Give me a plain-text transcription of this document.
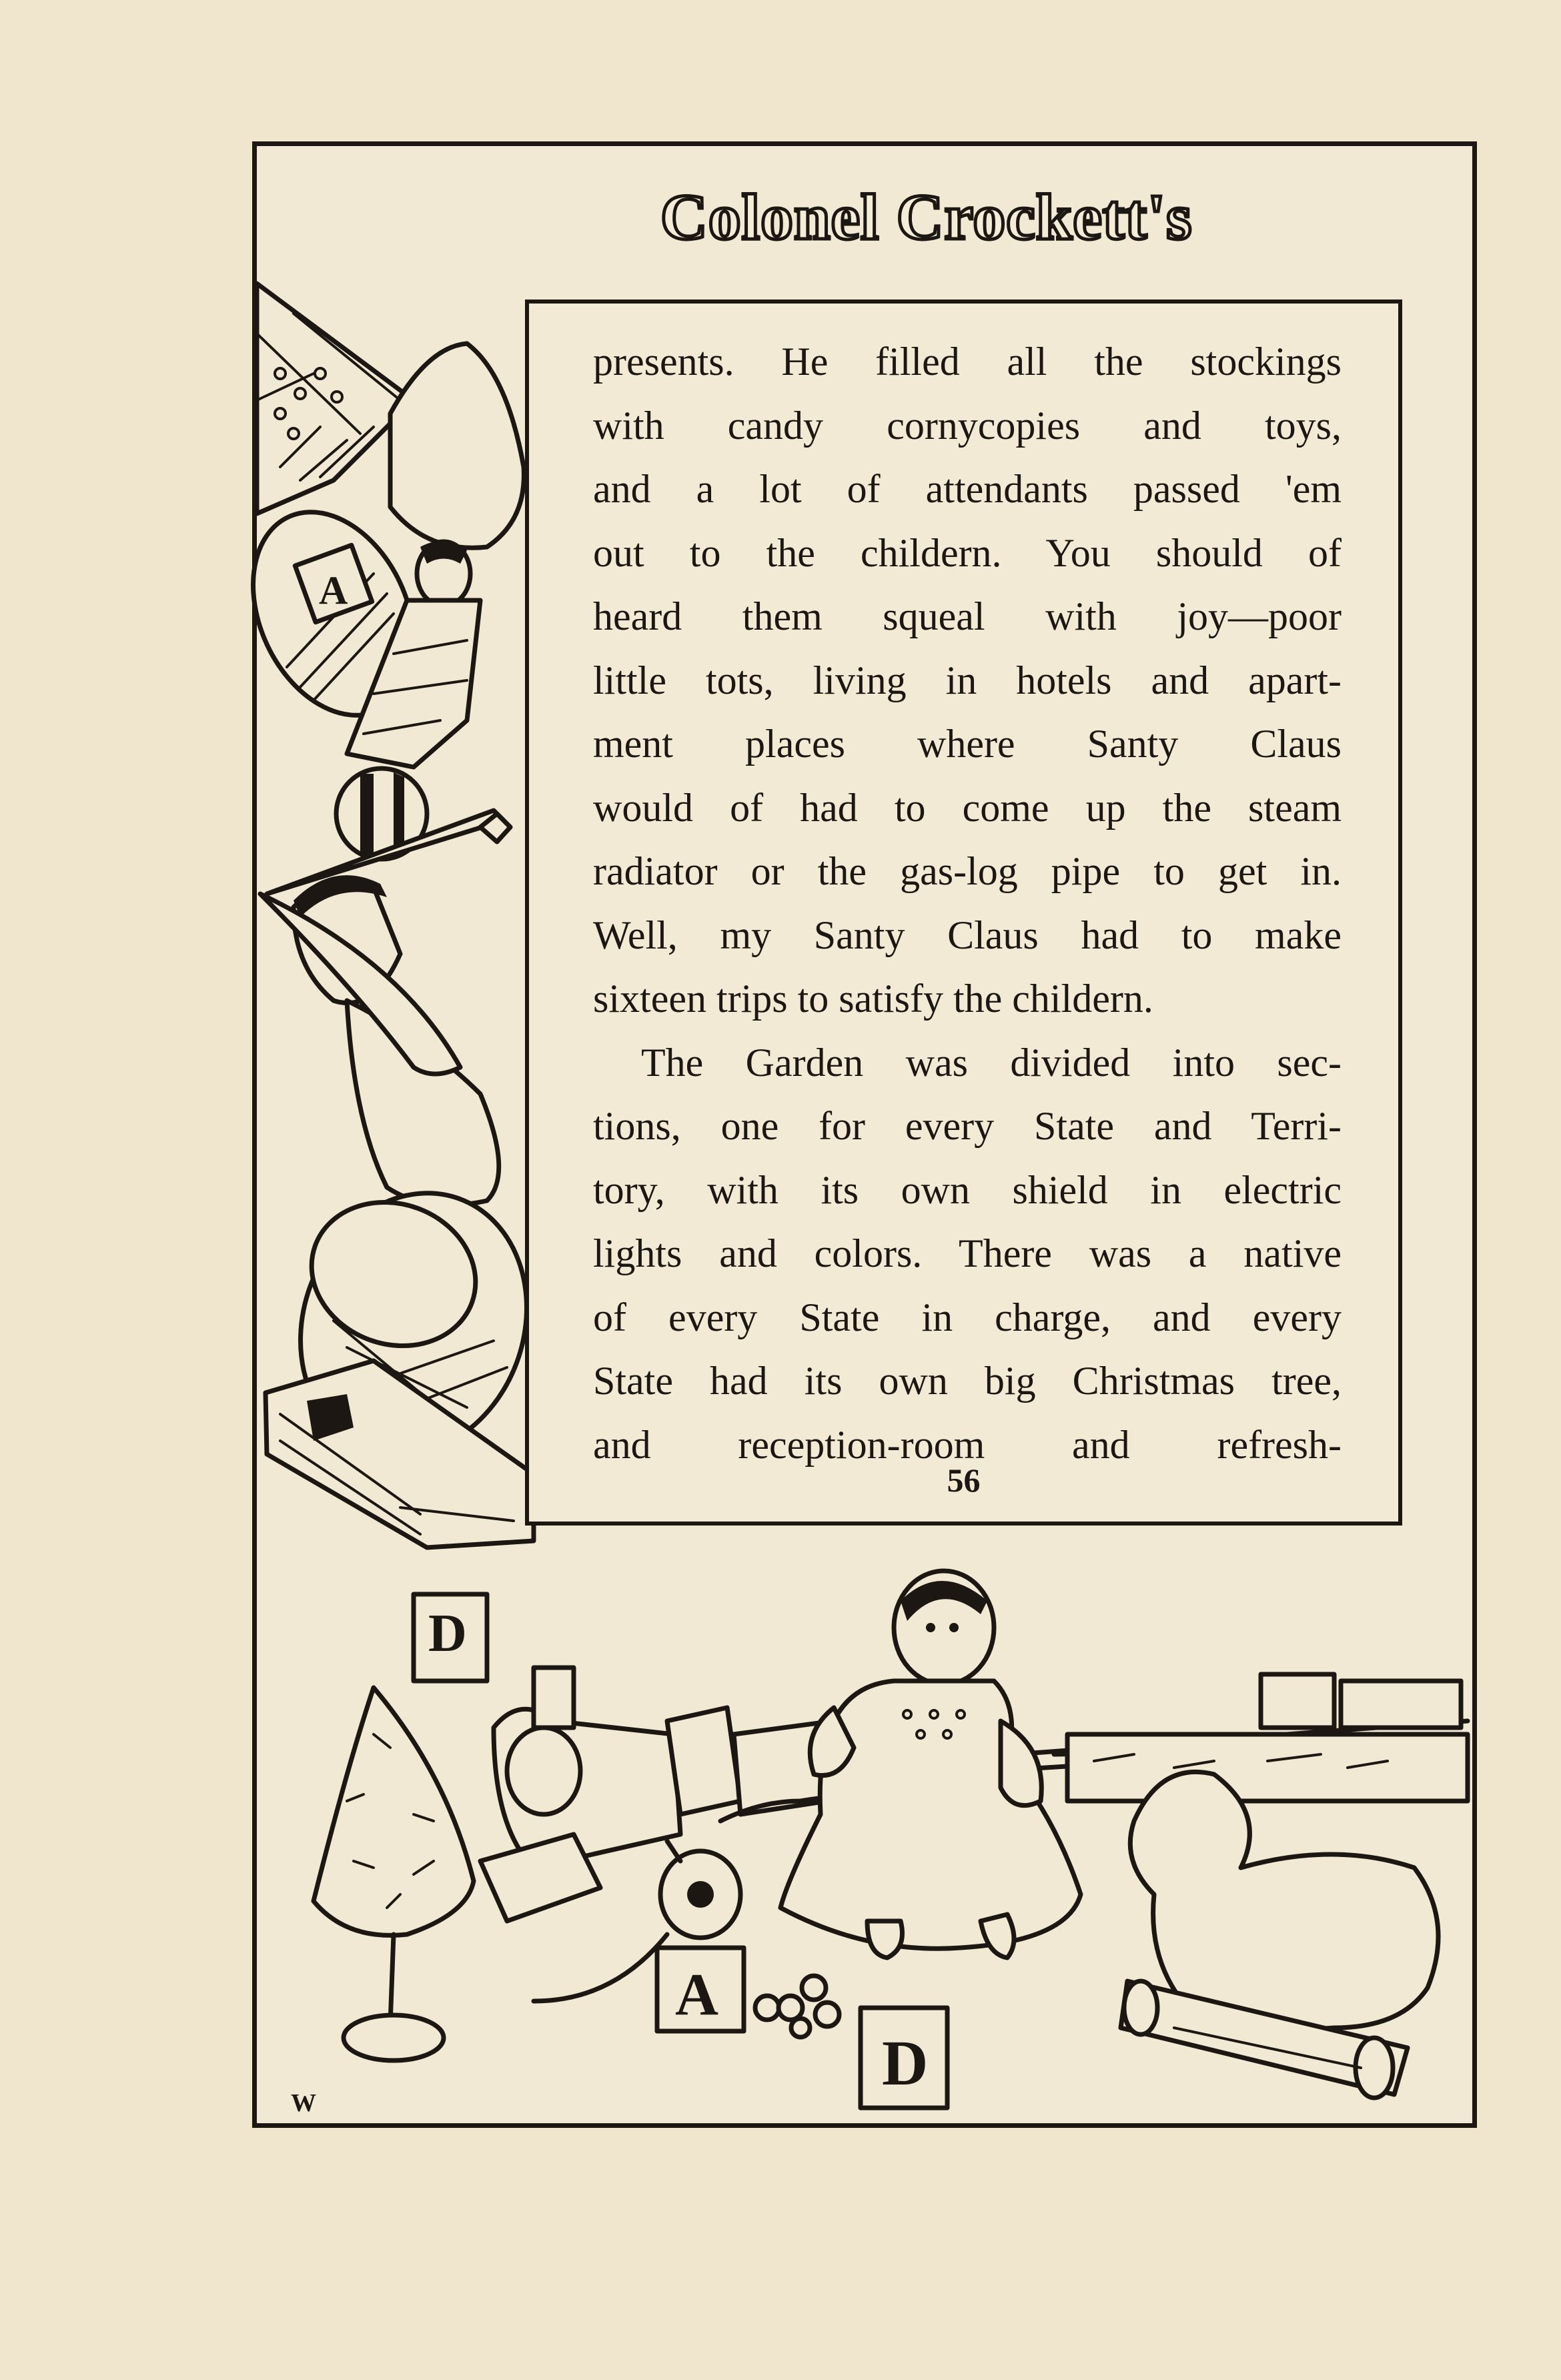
Colonel Crockett's
A
D
A
D
W
presents. He filled all the stockings
with candy cornycopies and toys,
and a lot of attendants passed 'em
out to the childern. You should of
heard them squeal with joy—poor
little tots, living in hotels and apart-
ment places where Santy Claus
would of had to come up the steam
radiator or the gas-log pipe to get in.
Well, my Santy Claus had to make
sixteen trips to satisfy the childern.
The Garden was divided into sec-
tions, one for every State and Terri-
tory, with its own shield in electric
lights and colors. There was a native
of every State in charge, and every
State had its own big Christmas tree,
and reception-room and refresh-
56
